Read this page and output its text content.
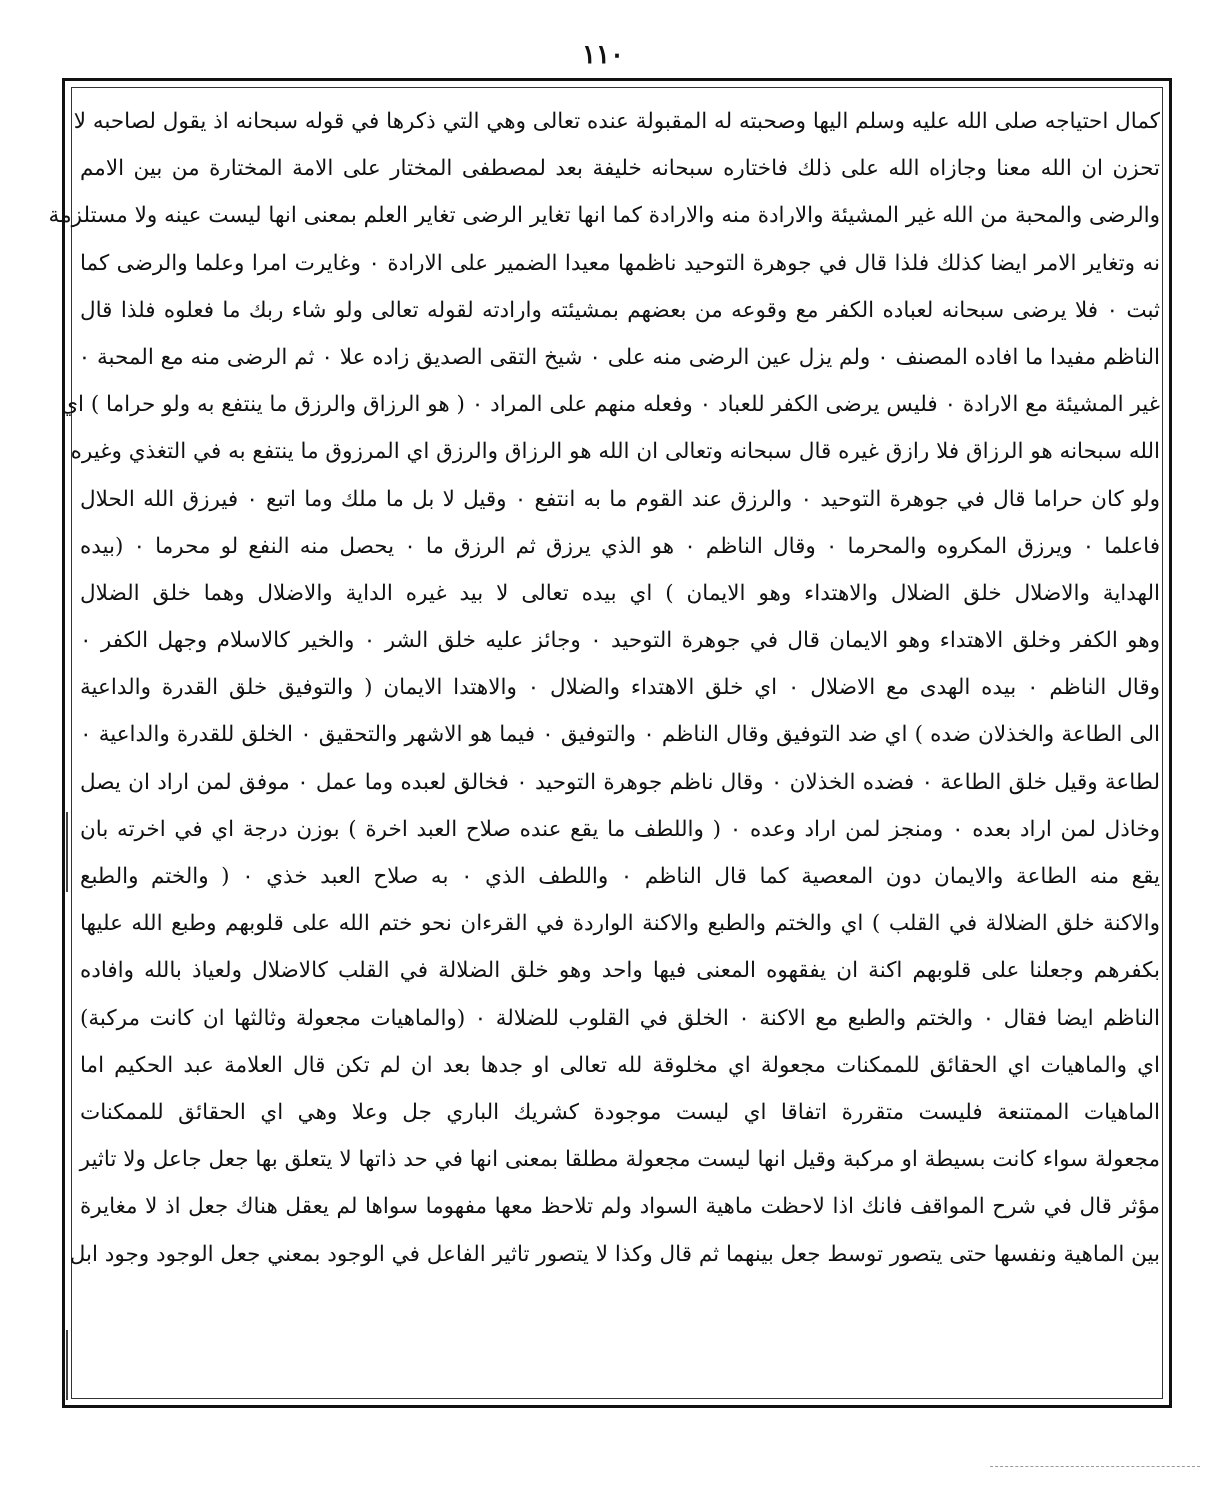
١١٠
كمال احتياجه صلى الله عليه وسلم اليها وصحبته له المقبولة عنده تعالى وهي التي ذكرها في قوله سبحانه اذ يقول لصاحبه لا
تحزن ان الله معنا وجازاه الله على ذلك فاختاره سبحانه خليفة بعد لمصطفى المختار على الامة المختارة من بين الامم
والرضى والمحبة من الله غير المشيئة والارادة منه والارادة كما انها تغاير الرضى تغاير العلم بمعنى انها ليست عينه ولا مستلزمة
نه وتغاير الامر ايضا كذلك فلذا قال في جوهرة التوحيد ناظمها معيدا الضمير على الارادة ٠ وغايرت امرا وعلما والرضى كما
ثبت ٠ فلا يرضى سبحانه لعباده الكفر مع وقوعه من بعضهم بمشيئته وارادته لقوله تعالى ولو شاء ربك ما فعلوه فلذا قال
الناظم مفيدا ما افاده المصنف ٠ ولم يزل عين الرضى منه على ٠ شيخ التقى الصديق زاده علا ٠ ثم الرضى منه مع المحبة ٠
غير المشيئة مع الارادة ٠ فليس يرضى الكفر للعباد ٠ وفعله منهم على المراد ٠ ( هو الرزاق والرزق ما ينتفع به ولو حراما ) اي
الله سبحانه هو الرزاق فلا رازق غيره قال سبحانه وتعالى ان الله هو الرزاق والرزق اي المرزوق ما ينتفع به في التغذي وغيره
ولو كان حراما قال في جوهرة التوحيد ٠ والرزق عند القوم ما به انتفع ٠ وقيل لا بل ما ملك وما اتبع ٠ فيرزق الله الحلال
فاعلما ٠ ويرزق المكروه والمحرما ٠ وقال الناظم ٠ هو الذي يرزق ثم الرزق ما ٠ يحصل منه النفع لو محرما ٠ (بيده
الهداية والاضلال خلق الضلال والاهتداء وهو الايمان ) اي بيده تعالى لا بيد غيره الداية والاضلال وهما خلق الضلال
وهو الكفر وخلق الاهتداء وهو الايمان قال في جوهرة التوحيد ٠ وجائز عليه خلق الشر ٠ والخير كالاسلام وجهل الكفر ٠
وقال الناظم ٠ بيده الهدى مع الاضلال ٠ اي خلق الاهتداء والضلال ٠ والاهتدا الايمان ( والتوفيق خلق القدرة والداعية
الى الطاعة والخذلان ضده ) اي ضد التوفيق وقال الناظم ٠ والتوفيق ٠ فيما هو الاشهر والتحقيق ٠ الخلق للقدرة والداعية ٠
لطاعة وقيل خلق الطاعة ٠ فضده الخذلان ٠ وقال ناظم جوهرة التوحيد ٠ فخالق لعبده وما عمل ٠ موفق لمن اراد ان يصل
وخاذل لمن اراد بعده ٠ ومنجز لمن اراد وعده ٠ ( واللطف ما يقع عنده صلاح العبد اخرة ) بوزن درجة اي في اخرته بان
يقع منه الطاعة والايمان دون المعصية كما قال الناظم ٠ واللطف الذي ٠ به صلاح العبد خذي ٠ ( والختم والطبع
والاكنة خلق الضلالة في القلب ) اي والختم والطبع والاكنة الواردة في القرءان نحو ختم الله على قلوبهم وطبع الله عليها
بكفرهم وجعلنا على قلوبهم اكنة ان يفقهوه المعنى فيها واحد وهو خلق الضلالة في القلب كالاضلال ولعياذ بالله وافاده
الناظم ايضا فقال ٠ والختم والطبع مع الاكنة ٠ الخلق في القلوب للضلالة ٠ (والماهيات مجعولة وثالثها ان كانت مركبة)
اي والماهيات اي الحقائق للممكنات مجعولة اي مخلوقة لله تعالى او جدها بعد ان لم تكن قال العلامة عبد الحكيم اما
الماهيات الممتنعة فليست متقررة اتفاقا اي ليست موجودة كشريك الباري جل وعلا وهي اي الحقائق للممكنات
مجعولة سواء كانت بسيطة او مركبة وقيل انها ليست مجعولة مطلقا بمعنى انها في حد ذاتها لا يتعلق بها جعل جاعل ولا تاثير
مؤثر قال في شرح المواقف فانك اذا لاحظت ماهية السواد ولم تلاحظ معها مفهوما سواها لم يعقل هناك جعل اذ لا مغايرة
بين الماهية ونفسها حتى يتصور توسط جعل بينهما ثم قال وكذا لا يتصور تاثير الفاعل في الوجود بمعني جعل الوجود وجود ابل
